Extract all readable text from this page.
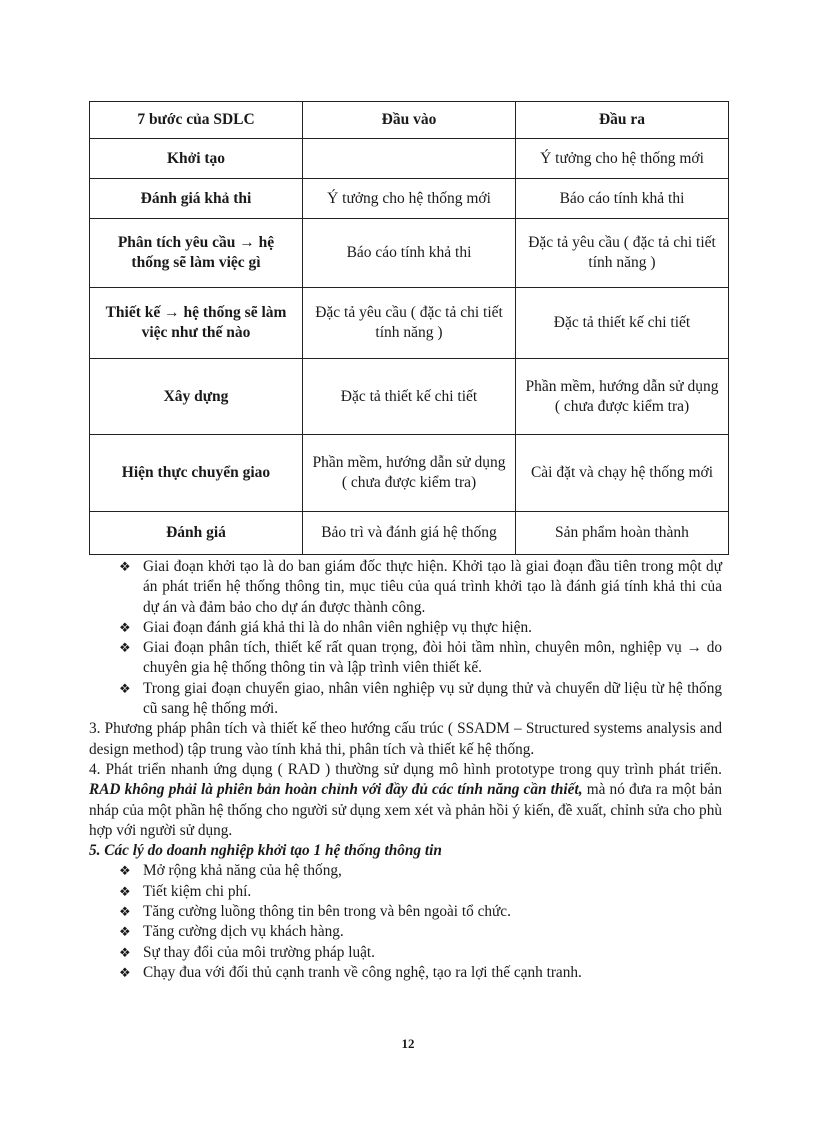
7 bước của SDLC	Đầu vào	Đầu ra
Khởi tạo		Ý tưởng cho hệ thống mới
Đánh giá khả thi	Ý tưởng cho hệ thống mới	Báo cáo tính khả thi
Phân tích yêu cầu → hệ thống sẽ làm việc gì	Báo cáo tính khả thi	Đặc tả yêu cầu ( đặc tả chi tiết tính năng )
Thiết kế → hệ thống sẽ làm việc như thế nào	Đặc tả yêu cầu ( đặc tả chi tiết tính năng )	Đặc tả thiết kế chi tiết
Xây dựng	Đặc tả thiết kế chi tiết	Phần mềm, hướng dẫn sử dụng ( chưa được kiểm tra)
Hiện thực chuyển giao	Phần mềm, hướng dẫn sử dụng ( chưa được kiểm tra)	Cài đặt và chạy hệ thống mới
Đánh giá	Bảo trì và đánh giá hệ thống	Sản phẩm hoàn thành
❖ Giai đoạn khởi tạo là do ban giám đốc thực hiện. Khởi tạo là giai đoạn đầu tiên trong một dự án phát triển hệ thống thông tin, mục tiêu của quá trình khởi tạo là đánh giá tính khả thi của dự án và đảm bảo cho dự án được thành công.
❖ Giai đoạn đánh giá khả thi là do nhân viên nghiệp vụ thực hiện.
❖ Giai đoạn phân tích, thiết kế rất quan trọng, đòi hỏi tầm nhìn, chuyên môn, nghiệp vụ → do chuyên gia hệ thống thông tin và lập trình viên thiết kế.
❖ Trong giai đoạn chuyển giao, nhân viên nghiệp vụ sử dụng thử và chuyển dữ liệu từ hệ thống cũ sang hệ thống mới.

3. Phương pháp phân tích và thiết kế theo hướng cấu trúc ( SSADM – Structured systems analysis and design method) tập trung vào tính khả thi, phân tích và thiết kế hệ thống.

4. Phát triển nhanh ứng dụng ( RAD ) thường sử dụng mô hình prototype trong quy trình phát triển. RAD không phải là phiên bản hoàn chỉnh với đầy đủ các tính năng cần thiết, mà nó đưa ra một bản nháp của một phần hệ thống cho người sử dụng xem xét và phản hồi ý kiến, đề xuất, chỉnh sửa cho phù hợp với người sử dụng.

5. Các lý do doanh nghiệp khởi tạo 1 hệ thống thông tin

❖ Mở rộng khả năng của hệ thống,
❖ Tiết kiệm chi phí.
❖ Tăng cường luồng thông tin bên trong và bên ngoài tổ chức.
❖ Tăng cường dịch vụ khách hàng.
❖ Sự thay đổi của môi trường pháp luật.
❖ Chạy đua với đối thủ cạnh tranh về công nghệ, tạo ra lợi thế cạnh tranh.
12
